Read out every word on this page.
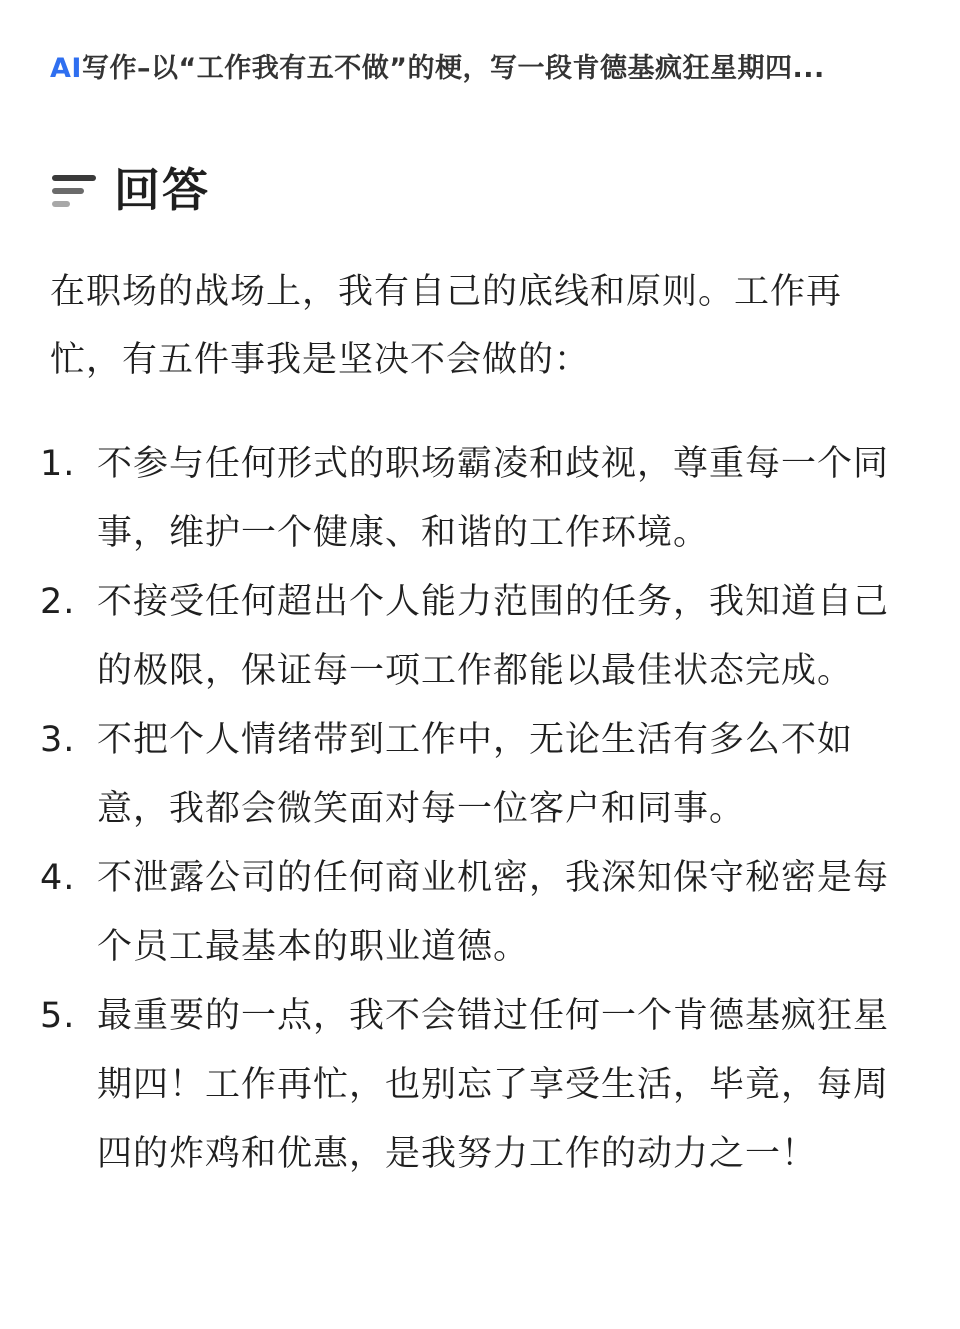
AI写作–以“工作我有五不做”的梗，写一段肯德基疯狂星期四...
回答
在职场的战场上，我有自己的底线和原则。工作再忙，有五件事我是坚决不会做的：
1. 不参与任何形式的职场霸凌和歧视，尊重每一个同事，维护一个健康、和谐的工作环境。
2. 不接受任何超出个人能力范围的任务，我知道自己的极限，保证每一项工作都能以最佳状态完成。
3. 不把个人情绪带到工作中，无论生活有多么不如意，我都会微笑面对每一位客户和同事。
4. 不泄露公司的任何商业机密，我深知保守秘密是每个员工最基本的职业道德。
5. 最重要的一点，我不会错过任何一个肯德基疯狂星期四！工作再忙，也别忘了享受生活，毕竟，每周四的炸鸡和优惠，是我努力工作的动力之一！
